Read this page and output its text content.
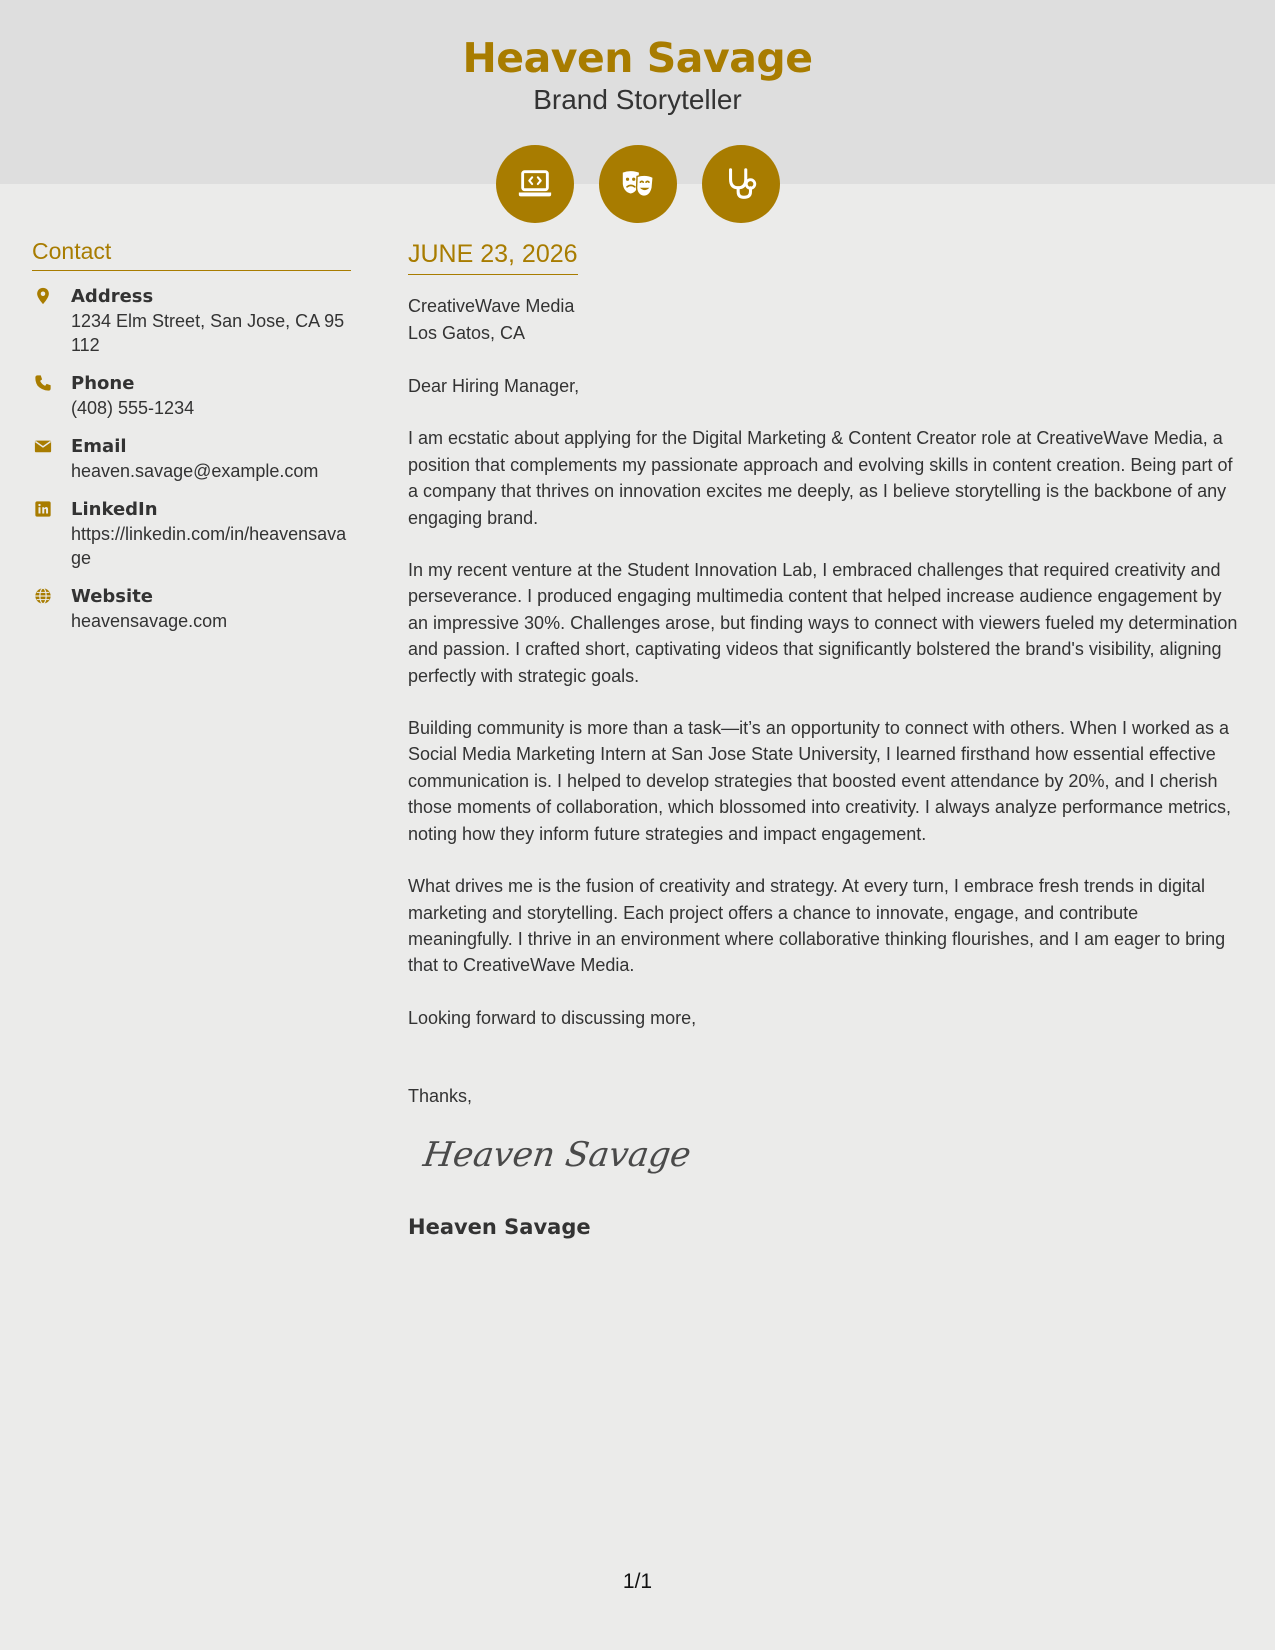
Heaven Savage
Brand Storyteller
Contact
Address
1234 Elm Street, San Jose, CA 95112
Phone
(408) 555-1234
Email
heaven.savage@example.com
LinkedIn
https://linkedin.com/in/heavensavage
Website
heavensavage.com
JUNE 23, 2026
CreativeWave Media
Los Gatos, CA
Dear Hiring Manager,
I am ecstatic about applying for the Digital Marketing & Content Creator role at CreativeWave Media, a position that complements my passionate approach and evolving skills in content creation. Being part of a company that thrives on innovation excites me deeply, as I believe storytelling is the backbone of any engaging brand.
In my recent venture at the Student Innovation Lab, I embraced challenges that required creativity and perseverance. I produced engaging multimedia content that helped increase audience engagement by an impressive 30%. Challenges arose, but finding ways to connect with viewers fueled my determination and passion. I crafted short, captivating videos that significantly bolstered the brand's visibility, aligning perfectly with strategic goals.
Building community is more than a task—it’s an opportunity to connect with others. When I worked as a Social Media Marketing Intern at San Jose State University, I learned firsthand how essential effective communication is. I helped to develop strategies that boosted event attendance by 20%, and I cherish those moments of collaboration, which blossomed into creativity. I always analyze performance metrics, noting how they inform future strategies and impact engagement.
What drives me is the fusion of creativity and strategy. At every turn, I embrace fresh trends in digital marketing and storytelling. Each project offers a chance to innovate, engage, and contribute meaningfully. I thrive in an environment where collaborative thinking flourishes, and I am eager to bring that to CreativeWave Media.
Looking forward to discussing more,
Thanks,
Heaven Savage
Heaven Savage
1/1
